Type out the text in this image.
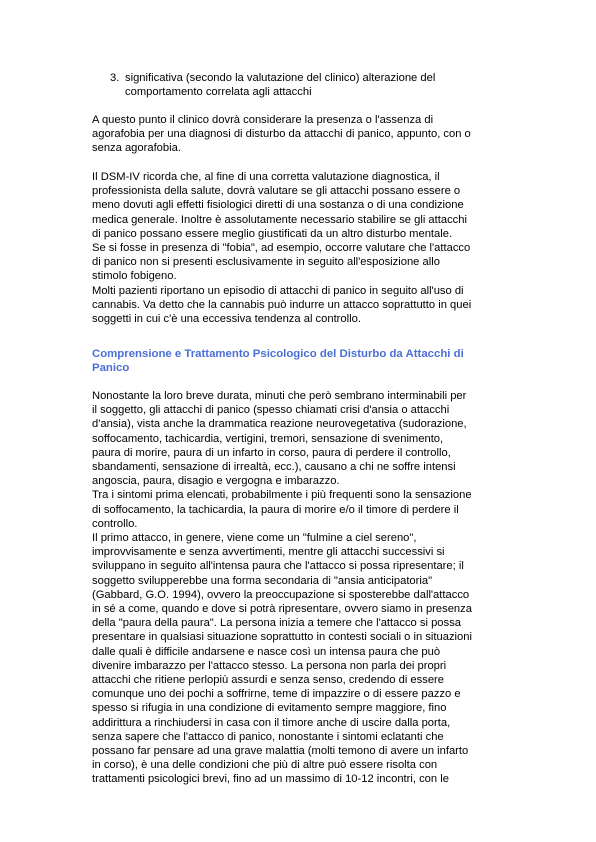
3. significativa (secondo la valutazione del clinico) alterazione del
comportamento correlata agli attacchi
A questo punto il clinico dovrà considerare la presenza o l'assenza di
agorafobia per una diagnosi di disturbo da attacchi di panico, appunto, con o
senza agorafobia.
Il DSM-IV ricorda che, al fine di una corretta valutazione diagnostica, il
professionista della salute, dovrà valutare se gli attacchi possano essere o
meno dovuti agli effetti fisiologici diretti di una sostanza o di una condizione
medica generale. Inoltre è assolutamente necessario stabilire se gli attacchi
di panico possano essere meglio giustificati da un altro disturbo mentale.
Se si fosse in presenza di "fobia", ad esempio, occorre valutare che l'attacco
di panico non si presenti esclusivamente in seguito all'esposizione allo
stimolo fobigeno.
Molti pazienti riportano un episodio di attacchi di panico in seguito all'uso di
cannabis. Va detto che la cannabis può indurre un attacco soprattutto in quei
soggetti in cui c'è una eccessiva tendenza al controllo.
Comprensione e Trattamento Psicologico del Disturbo da Attacchi di
Panico
Nonostante la loro breve durata, minuti che però sembrano interminabili per
il soggetto, gli attacchi di panico (spesso chiamati crisi d'ansia o attacchi
d'ansia), vista anche la drammatica reazione neurovegetativa (sudorazione,
soffocamento, tachicardia, vertigini, tremori, sensazione di svenimento,
paura di morire, paura di un infarto in corso, paura di perdere il controllo,
sbandamenti, sensazione di irrealtà, ecc.), causano a chi ne soffre intensi
angoscia, paura, disagio e vergogna e imbarazzo.
Tra i sintomi prima elencati, probabilmente i più frequenti sono la sensazione
di soffocamento, la tachicardia, la paura di morire e/o il timore di perdere il
controllo.
Il primo attacco, in genere, viene come un "fulmine a ciel sereno",
improvvisamente e senza avvertimenti, mentre gli attacchi successivi si
sviluppano in seguito all'intensa paura che l'attacco si possa ripresentare; il
soggetto svilupperebbe una forma secondaria di "ansia anticipatoria"
(Gabbard, G.O. 1994), ovvero la preoccupazione si sposterebbe dall'attacco
in sé a come, quando e dove si potrà ripresentare, ovvero siamo in presenza
della "paura della paura". La persona inizia a temere che l'attacco si possa
presentare in qualsiasi situazione soprattutto in contesti sociali o in situazioni
dalle quali è difficile andarsene e nasce così un intensa paura che può
divenire imbarazzo per l'attacco stesso. La persona non parla dei propri
attacchi che ritiene perlopiù assurdi e senza senso, credendo di essere
comunque uno dei pochi a soffrirne, teme di impazzire o di essere pazzo e
spesso si rifugia in una condizione di evitamento sempre maggiore, fino
addirittura a rinchiudersi in casa con il timore anche di uscire dalla porta,
senza sapere che l'attacco di panico, nonostante i sintomi eclatanti che
possano far pensare ad una grave malattia (molti temono di avere un infarto
in corso), è una delle condizioni che più di altre può essere risolta con
trattamenti psicologici brevi, fino ad un massimo di 10-12 incontri, con le
